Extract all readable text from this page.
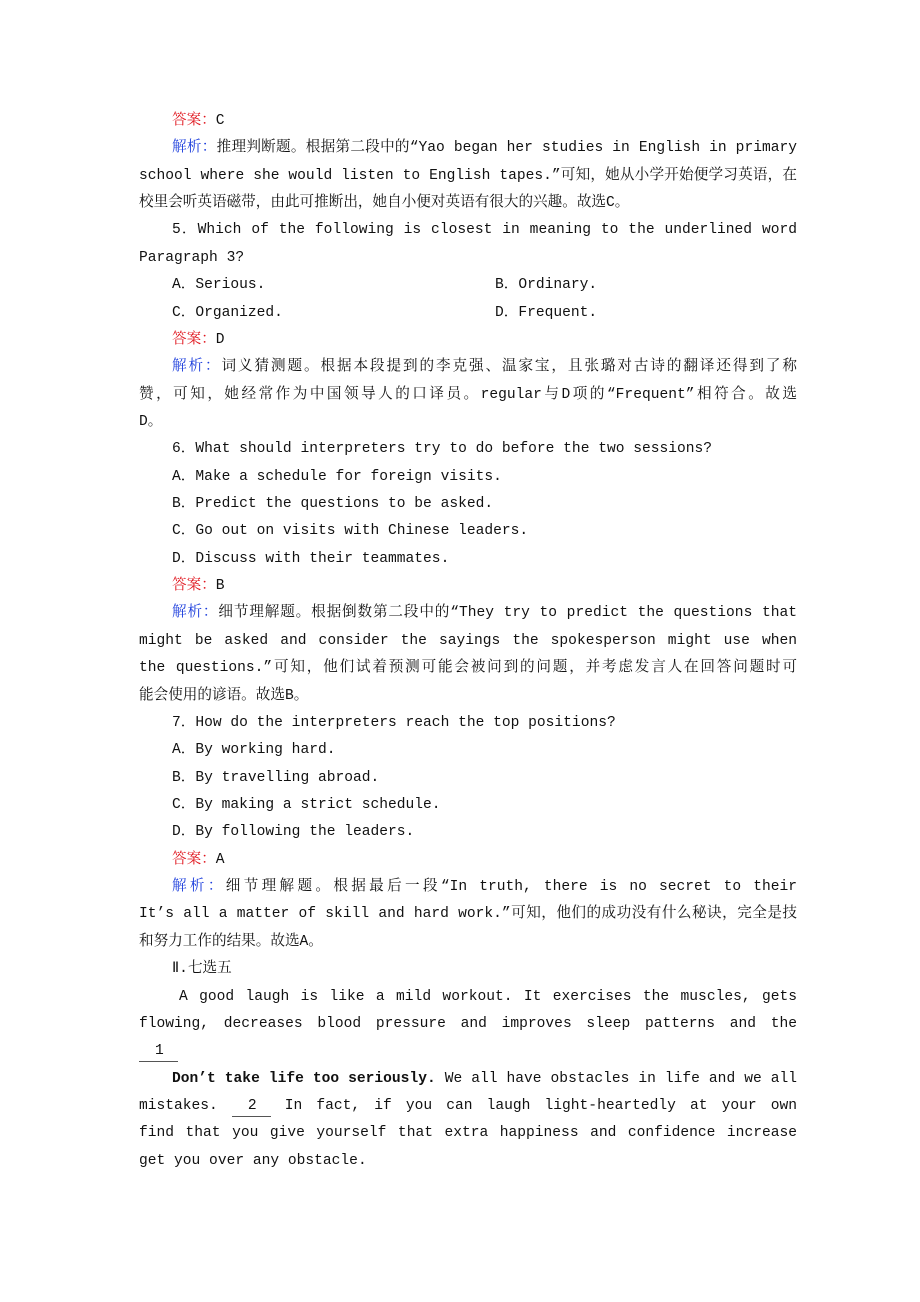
答案：C
解析：推理判断题。根据第二段中的“Yao began her studies in English in primary
school where she would listen to English tapes.”可知，她从小学开始便学习英语，在
校里会听英语磁带，由此可推断出，她自小便对英语有很大的兴趣。故选C。
5．Which of the following is closest in meaning to the underlined word
Paragraph 3?
A．Serious.	B．Ordinary.
C．Organized.	D．Frequent.
答案：D
解析：词义猜测题。根据本段提到的李克强、温家宝，且张璐对古诗的翻译还得到了称
赞，可知，她经常作为中国领导人的口译员。regular与D项的“Frequent”相符合。故选
D。
6．What should interpreters try to do before the two sessions?
A．Make a schedule for foreign visits.
B．Predict the questions to be asked.
C．Go out on visits with Chinese leaders.
D．Discuss with their teammates.
答案：B
解析：细节理解题。根据倒数第二段中的“They try to predict the questions that
might be asked and consider the sayings the spokesperson might use when
the questions.”可知，他们试着预测可能会被问到的问题，并考虑发言人在回答问题时可
能会使用的谚语。故选B。
7．How do the interpreters reach the top positions?
A．By working hard.
B．By travelling abroad.
C．By making a strict schedule.
D．By following the leaders.
答案：A
解析：细节理解题。根据最后一段“In truth, there is no secret to their
It’s all a matter of skill and hard work.”可知，他们的成功没有什么秘诀，完全是技
和努力工作的结果。故选A。
Ⅱ.七选五
A good laugh is like a mild workout. It exercises the muscles, gets
flowing, decreases blood pressure and improves sleep patterns and the
1
Don’t take life too seriously. We all have obstacles in life and we all
mistakes. 2 In fact, if you can laugh light-heartedly at your own
find that you give yourself that extra happiness and confidence increase
get you over any obstacle.
